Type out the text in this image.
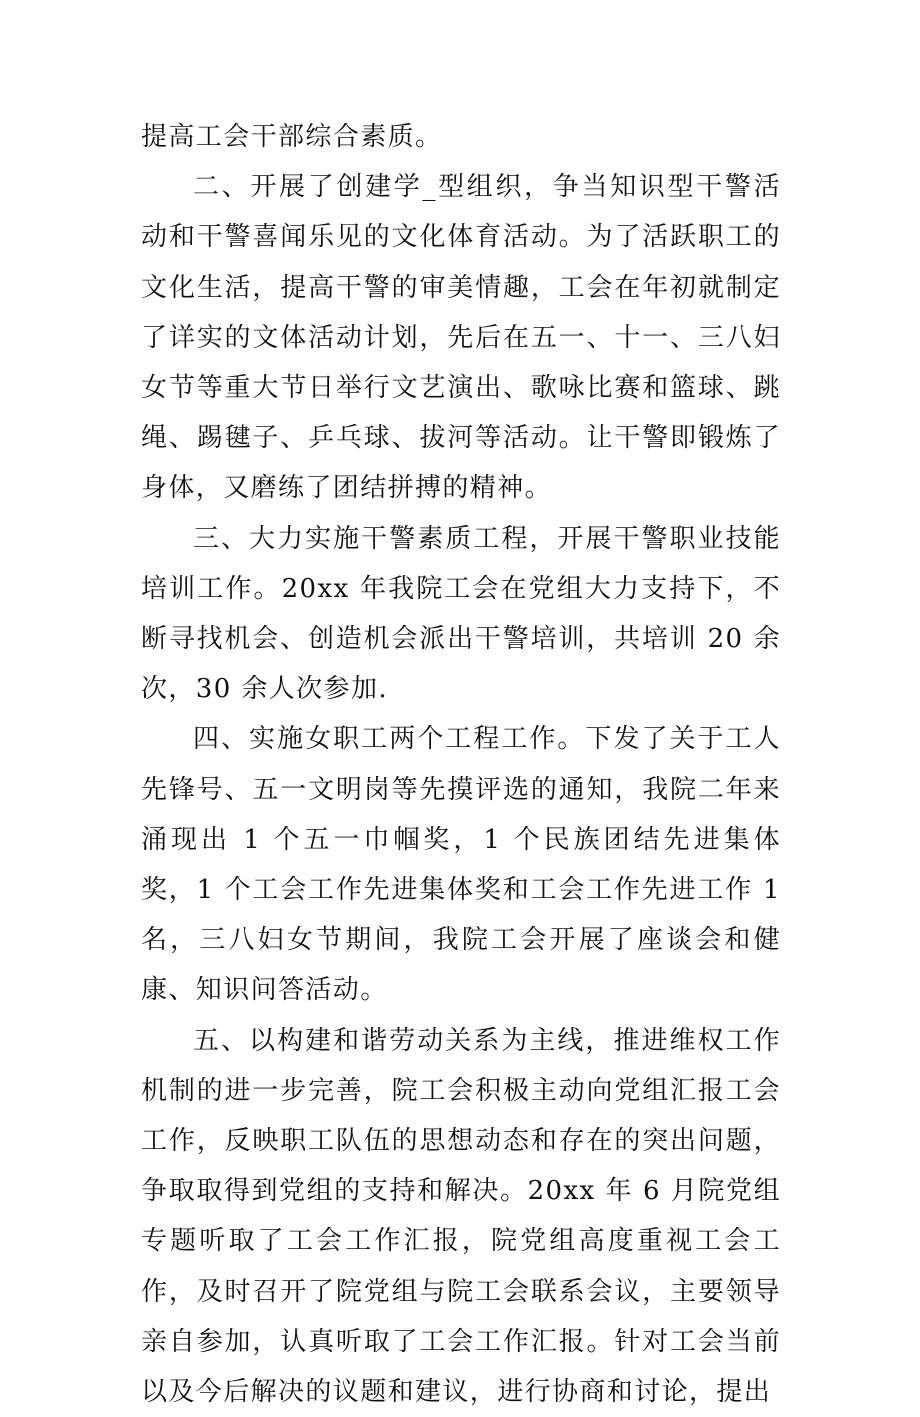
提高工会干部综合素质。

二、开展了创建学_型组织，争当知识型干警活动和干警喜闻乐见的文化体育活动。为了活跃职工的文化生活，提高干警的审美情趣，工会在年初就制定了详实的文体活动计划，先后在五一、十一、三八妇女节等重大节日举行文艺演出、歌咏比赛和篮球、跳绳、踢毽子、乒乓球、拔河等活动。让干警即锻炼了身体，又磨练了团结拼搏的精神。

三、大力实施干警素质工程，开展干警职业技能培训工作。20xx 年我院工会在党组大力支持下，不断寻找机会、创造机会派出干警培训，共培训 20 余次，30 余人次参加.

四、实施女职工两个工程工作。下发了关于工人先锋号、五一文明岗等先摸评选的通知，我院二年来涌现出 1 个五一巾帼奖，1 个民族团结先进集体奖，1 个工会工作先进集体奖和工会工作先进工作 1 名，三八妇女节期间，我院工会开展了座谈会和健康、知识问答活动。

五、以构建和谐劳动关系为主线，推进维权工作机制的进一步完善，院工会积极主动向党组汇报工会工作，反映职工队伍的思想动态和存在的突出问题，争取取得到党组的支持和解决。20xx 年 6 月院党组专题听取了工会工作汇报，院党组高度重视工会工作，及时召开了院党组与院工会联系会议，主要领导亲自参加，认真听取了工会工作汇报。针对工会当前以及今后解决的议题和建议，进行协商和讨论，提出
